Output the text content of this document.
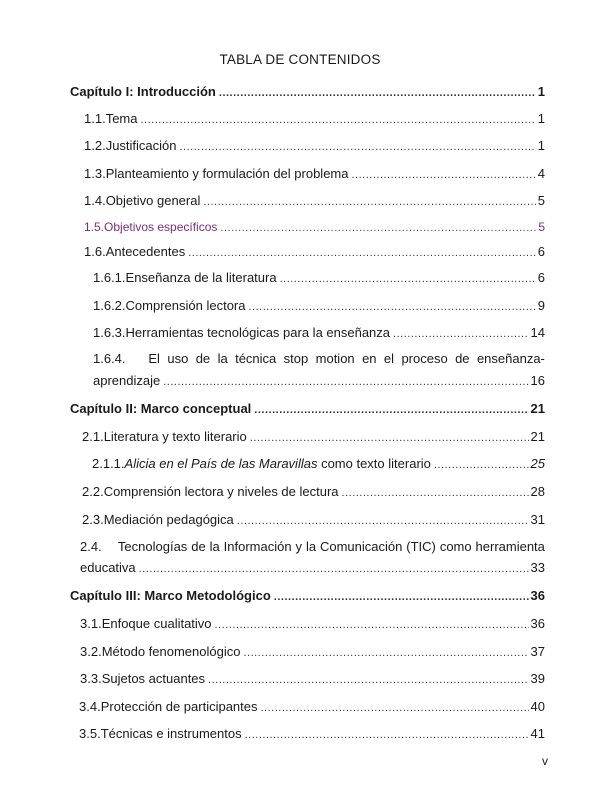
TABLA DE CONTENIDOS
Capítulo I: Introducción .....	1
1.1. Tema .....	1
1.2. Justificación .....	1
1.3. Planteamiento y formulación del problema .....	4
1.4. Objetivo general .....	5
1.5. Objetivos específicos .....	5
1.6. Antecedentes .....	6
1.6.1. Enseñanza de la literatura .....	6
1.6.2. Comprensión lectora .....	9
1.6.3. Herramientas tecnológicas para la enseñanza .....	14
1.6.4.	El uso de la técnica stop motion en el proceso de enseñanza-
aprendizaje .....	16
Capítulo II: Marco conceptual .....	21
2.1. Literatura y texto literario .....	21
2.1.1. Alicia en el País de las Maravillas como texto literario .....	25
2.2. Comprensión lectora y niveles de lectura .....	28
2.3. Mediación pedagógica .....	31
2.4.	Tecnologías de la Información y la Comunicación (TIC) como herramienta
educativa .....	33
Capítulo III: Marco Metodológico .....	36
3.1. Enfoque cualitativo .....	36
3.2. Método fenomenológico .....	37
3.3. Sujetos actuantes .....	39
3.4. Protección de participantes .....	40
3.5. Técnicas e instrumentos .....	41
v
